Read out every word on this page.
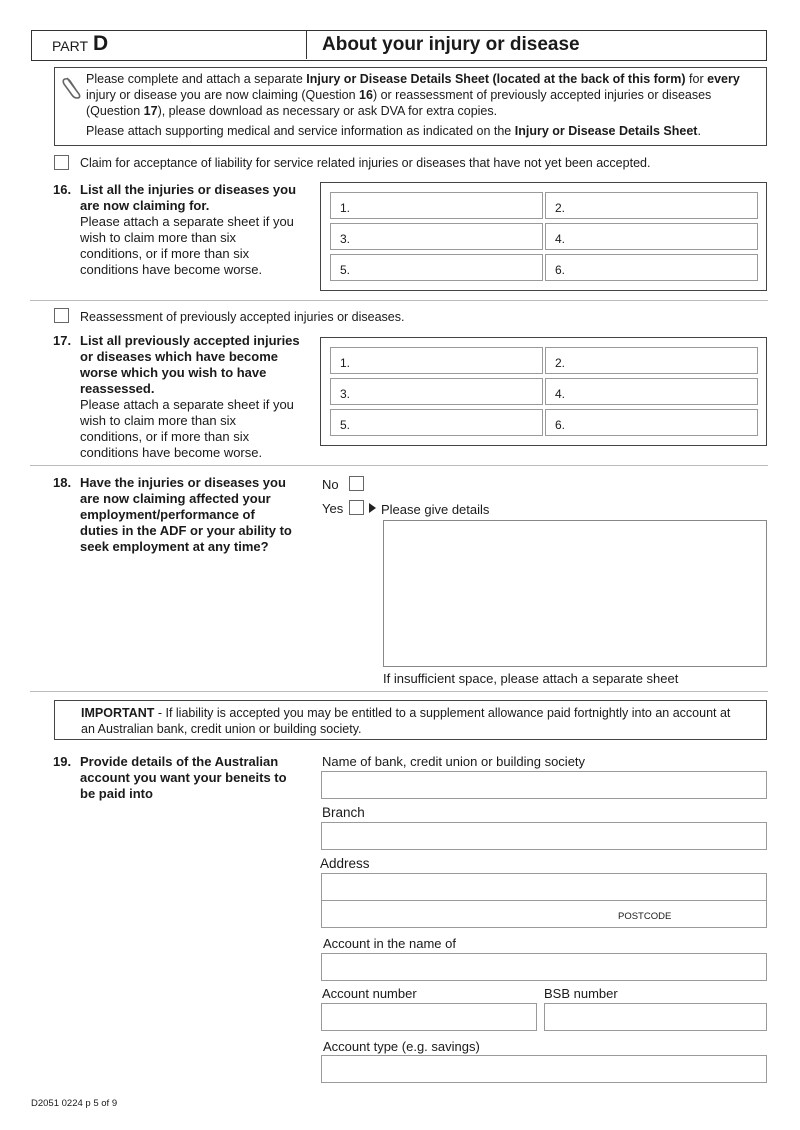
PART D	About your injury or disease
Please complete and attach a separate Injury or Disease Details Sheet (located at the back of this form) for every
injury or disease you are now claiming (Question 16) or reassessment of previously accepted injuries or diseases
(Question 17), please download as necessary or ask DVA for extra copies.
Please attach supporting medical and service information as indicated on the Injury or Disease Details Sheet.
Claim for acceptance of liability for service related injuries or diseases that have not yet been accepted.
16. List all the injuries or diseases you
are now claiming for.
Please attach a separate sheet if you
wish to claim more than six
conditions, or if more than six
conditions have become worse.
1.	2.
3.	4.
5.	6.
Reassessment of previously accepted injuries or diseases.
17. List all previously accepted injuries
or diseases which have become
worse which you wish to have
reassessed.
Please attach a separate sheet if you
wish to claim more than six
conditions, or if more than six
conditions have become worse.
1.	2.
3.	4.
5.	6.
18. Have the injuries or diseases you
are now claiming affected your
employment/performance of
duties in the ADF or your ability to
seek employment at any time?
No
Yes	Please give details
If insufficient space, please attach a separate sheet
IMPORTANT - If liability is accepted you may be entitled to a supplement allowance paid fortnightly into an account at
an Australian bank, credit union or building society.
19. Provide details of the Australian
account you want your beneits to
be paid into
Name of bank, credit union or building society
Branch
Address
POSTCODE
Account in the name of
Account number	BSB number
Account type (e.g. savings)
D2051 0224 p 5 of 9
